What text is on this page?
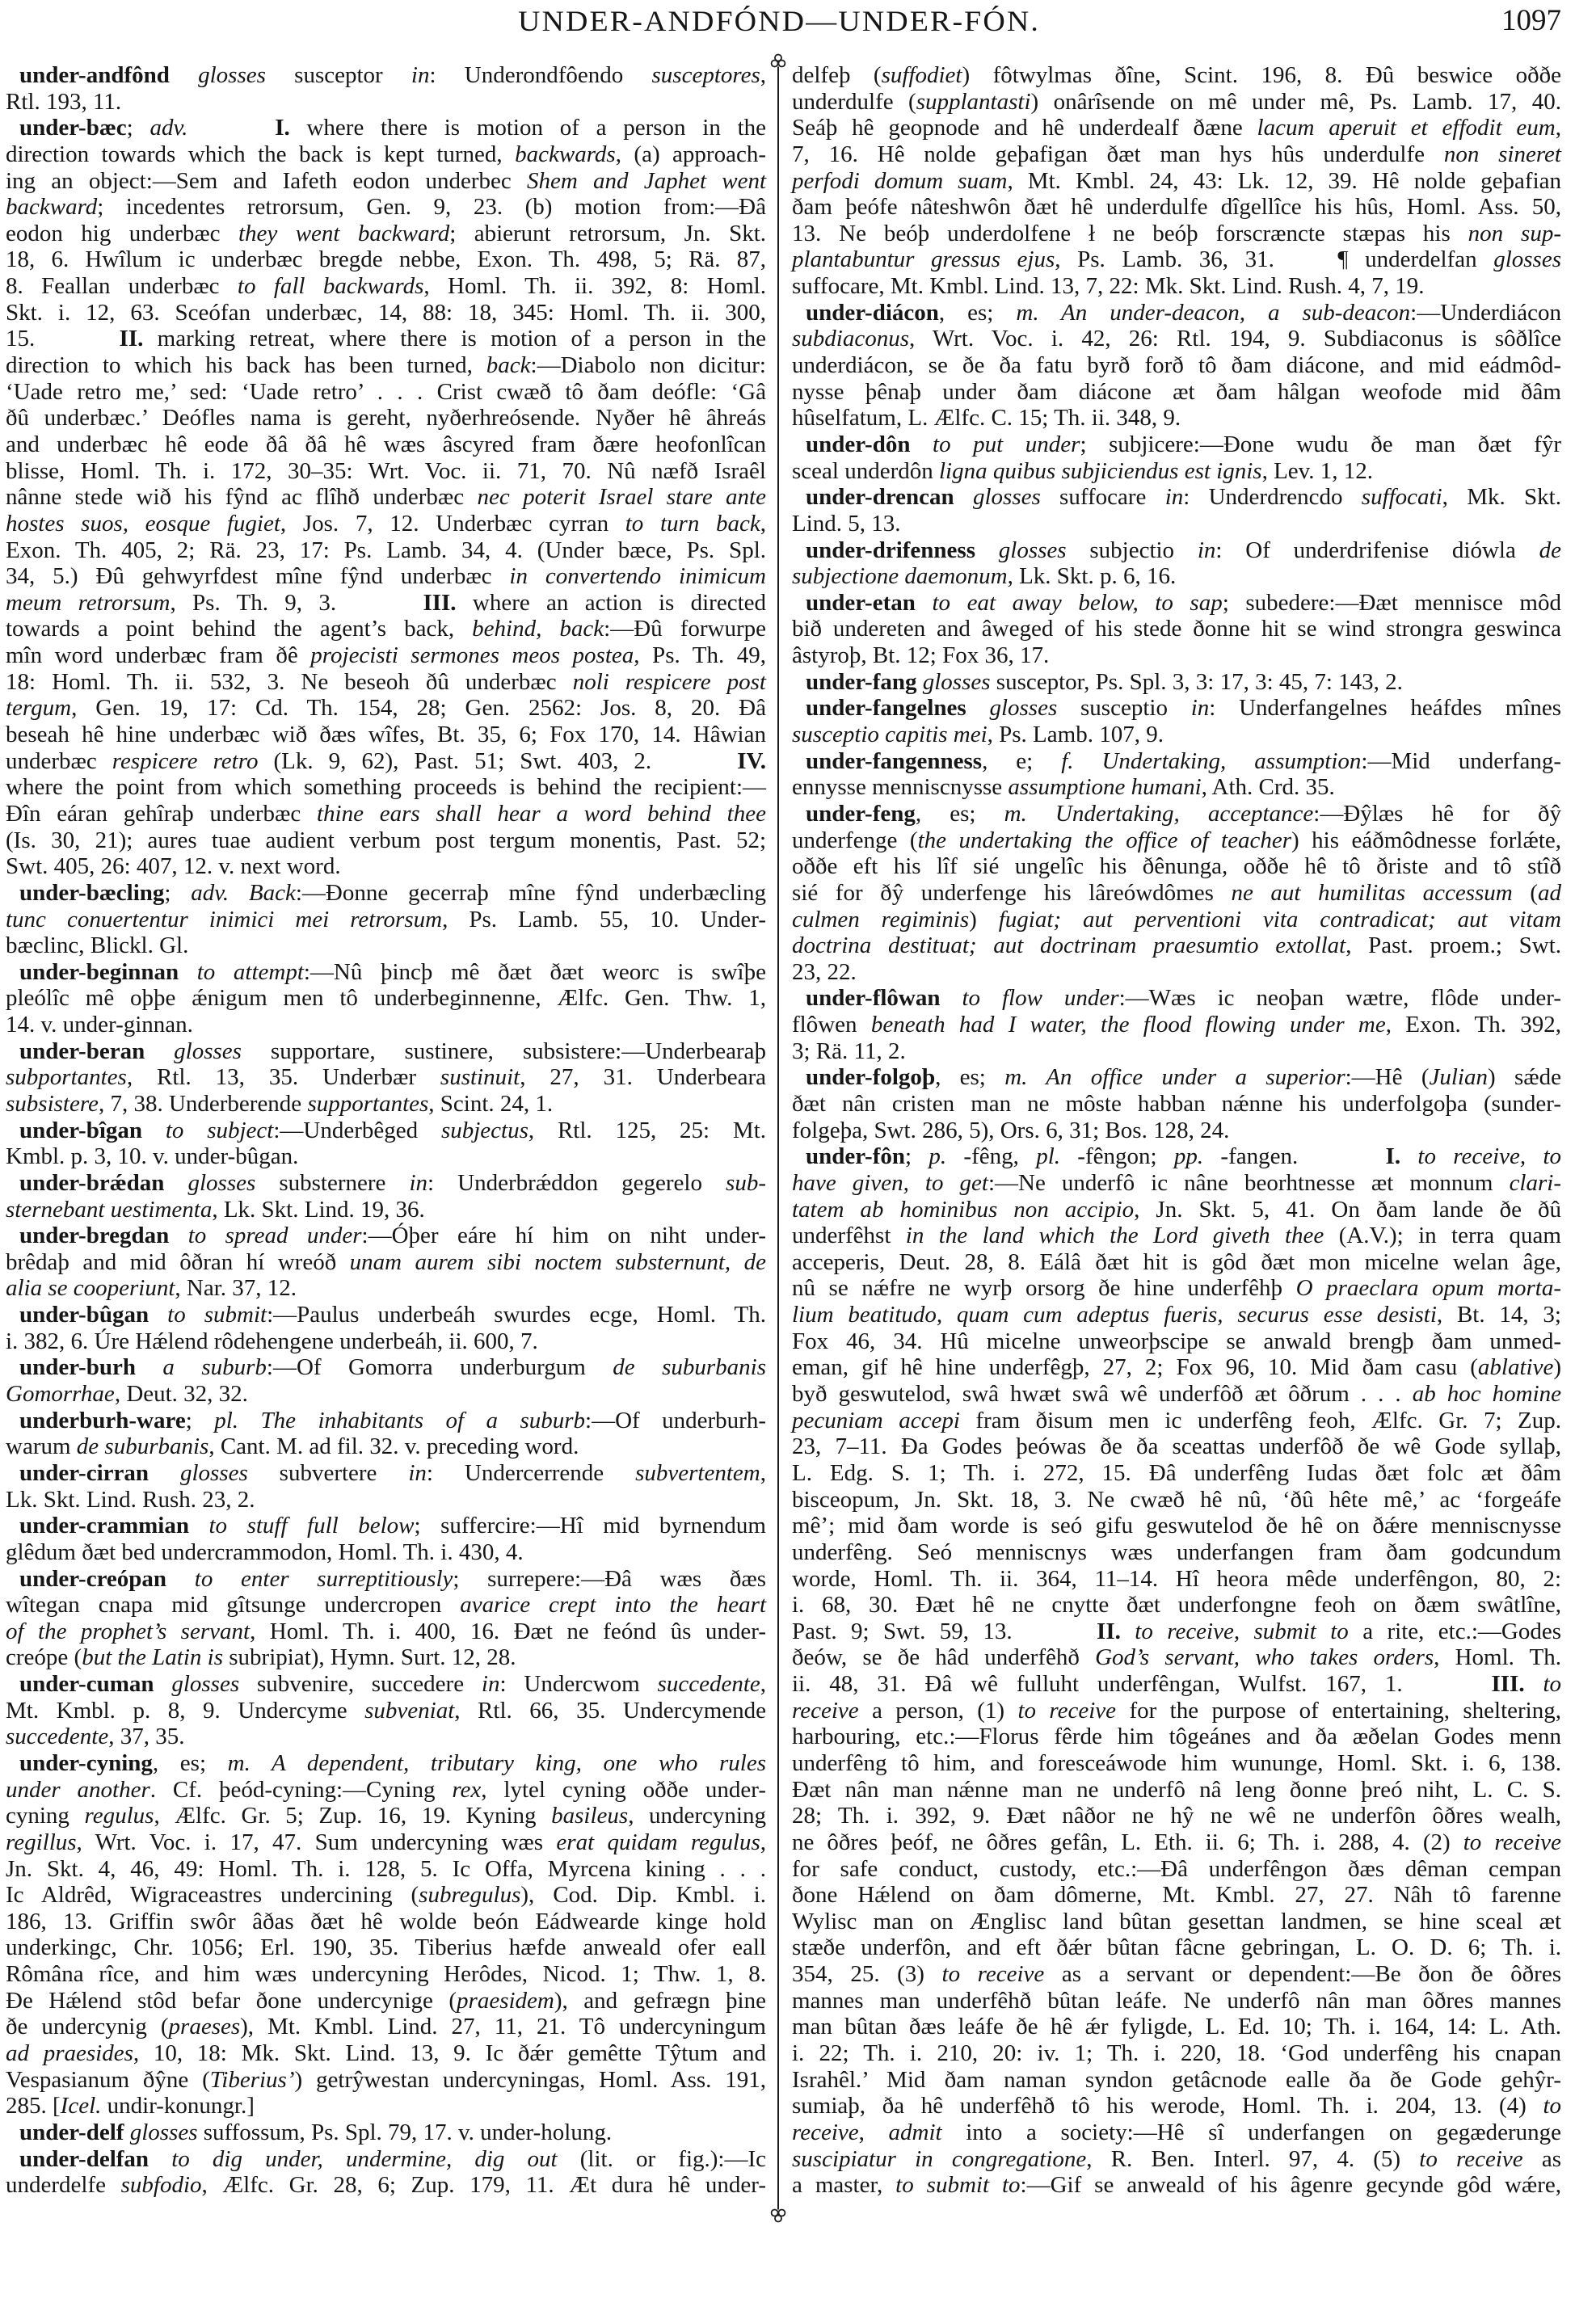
UNDER-ANDFÓND—UNDER-FÓN.	1097
under-andfônd glosses susceptor in: Underondfôendo susceptores,
Rtl. 193, 11.
under-bæc; adv.   	I. where there is motion of a person in the
direction towards which the back is kept turned, backwards, (a) approach-
ing an object:—Sem and Iafeth eodon underbec Shem and Japhet went
backward; incedentes retrorsum, Gen. 9, 23. (b) motion from:—Ðâ
eodon hig underbæc they went backward; abierunt retrorsum, Jn. Skt.
18, 6. Hwîlum ic underbæc bregde nebbe, Exon. Th. 498, 5; Rä. 87,
8. Feallan underbæc to fall backwards, Homl. Th. ii. 392, 8: Homl.
Skt. i. 12, 63. Sceófan underbæc, 14, 88: 18, 345: Homl. Th. ii. 300,
15.    II. marking retreat, where there is motion of a person in the
direction to which his back has been turned, back:—Diabolo non dicitur:
‘Uade retro me,’ sed: ‘Uade retro’ . . . Crist cwæð tô ðam deófle: ‘Gâ
ðû underbæc.’ Deófles nama is gereht, nyðerhreósende. Nyðer hê âhreás
and underbæc hê eode ðâ ðâ hê wæs âscyred fram ðære heofonlîcan
blisse, Homl. Th. i. 172, 30–35: Wrt. Voc. ii. 71, 70. Nû næfð Israêl
nânne stede wið his fŷnd ac flîhð underbæc nec poterit Israel stare ante
hostes suos, eosque fugiet, Jos. 7, 12. Underbæc cyrran to turn back,
Exon. Th. 405, 2; Rä. 23, 17: Ps. Lamb. 34, 4. (Under bæce, Ps. Spl.
34, 5.) Ðû gehwyrfdest mîne fŷnd underbæc in convertendo inimicum
meum retrorsum, Ps. Th. 9, 3.    III. where an action is directed
towards a point behind the agent’s back, behind, back:—Ðû forwurpe
mîn word underbæc fram ðê projecisti sermones meos postea, Ps. Th. 49,
18: Homl. Th. ii. 532, 3. Ne beseoh ðû underbæc noli respicere post
tergum, Gen. 19, 17: Cd. Th. 154, 28; Gen. 2562: Jos. 8, 20. Ðâ
beseah hê hine underbæc wið ðæs wîfes, Bt. 35, 6; Fox 170, 14. Hâwian
underbæc respicere retro (Lk. 9, 62), Past. 51; Swt. 403, 2.    IV.
where the point from which something proceeds is behind the recipient:—
Ðîn eáran gehîraþ underbæc thine ears shall hear a word behind thee
(Is. 30, 21); aures tuae audient verbum post tergum monentis, Past. 52;
Swt. 405, 26: 407, 12. v. next word.
under-bæcling; adv. Back:—Ðonne gecerraþ mîne fŷnd underbæcling
tunc conuertentur inimici mei retrorsum, Ps. Lamb. 55, 10. Under-
bæclinc, Blickl. Gl.
under-beginnan to attempt:—Nû þincþ mê ðæt ðæt weorc is swîþe
pleólîc mê oþþe ǽnigum men tô underbeginnenne, Ælfc. Gen. Thw. 1,
14. v. under-ginnan.
under-beran glosses supportare, sustinere, subsistere:—Underbearaþ
subportantes, Rtl. 13, 35. Underbær sustinuit, 27, 31. Underbeara
subsistere, 7, 38. Underberende supportantes, Scint. 24, 1.
under-bîgan to subject:—Underbêged subjectus, Rtl. 125, 25: Mt.
Kmbl. p. 3, 10. v. under-bûgan.
under-brǽdan glosses substernere in: Underbrǽddon gegerelo sub-
sternebant uestimenta, Lk. Skt. Lind. 19, 36.
under-bregdan to spread under:—Óþer eáre hí him on niht under-
brêdaþ and mid ôðran hí wreóð unam aurem sibi noctem substernunt, de
alia se cooperiunt, Nar. 37, 12.
under-bûgan to submit:—Paulus underbeáh swurdes ecge, Homl. Th.
i. 382, 6. Úre Hǽlend rôdehengene underbeáh, ii. 600, 7.
under-burh a suburb:—Of Gomorra underburgum de suburbanis
Gomorrhae, Deut. 32, 32.
underburh-ware; pl. The inhabitants of a suburb:—Of underburh-
warum de suburbanis, Cant. M. ad fil. 32. v. preceding word.
under-cirran glosses subvertere in: Undercerrende subvertentem,
Lk. Skt. Lind. Rush. 23, 2.
under-crammian to stuff full below; suffercire:—Hî mid byrnendum
glêdum ðæt bed undercrammodon, Homl. Th. i. 430, 4.
under-creópan to enter surreptitiously; surrepere:—Ðâ wæs ðæs
wîtegan cnapa mid gîtsunge undercropen avarice crept into the heart
of the prophet’s servant, Homl. Th. i. 400, 16. Ðæt ne feónd ûs under-
creópe (but the Latin is subripiat), Hymn. Surt. 12, 28.
under-cuman glosses subvenire, succedere in: Undercwom succedente,
Mt. Kmbl. p. 8, 9. Undercyme subveniat, Rtl. 66, 35. Undercymende
succedente, 37, 35.
under-cyning, es; m. A dependent, tributary king, one who rules
under another. Cf. þeód-cyning:—Cyning rex, lytel cyning oððe under-
cyning regulus, Ælfc. Gr. 5; Zup. 16, 19. Kyning basileus, undercyning
regillus, Wrt. Voc. i. 17, 47. Sum undercyning wæs erat quidam regulus,
Jn. Skt. 4, 46, 49: Homl. Th. i. 128, 5. Ic Offa, Myrcena kining . . .
Ic Aldrêd, Wigraceastres undercining (subregulus), Cod. Dip. Kmbl. i.
186, 13. Griffin swôr âðas ðæt hê wolde beón Eádwearde kinge hold
underkingc, Chr. 1056; Erl. 190, 35. Tiberius hæfde anweald ofer eall
Rômâna rîce, and him wæs undercyning Herôdes, Nicod. 1; Thw. 1, 8.
Ðe Hǽlend stôd befar ðone undercynige (praesidem), and gefrægn þine
ðe undercynig (praeses), Mt. Kmbl. Lind. 27, 11, 21. Tô undercyningum
ad praesides, 10, 18: Mk. Skt. Lind. 13, 9. Ic ðǽr gemêtte Tŷtum and
Vespasianum ðŷne (Tiberius’) getrŷwestan undercyningas, Homl. Ass. 191,
285. [Icel. undir-konungr.]
under-delf glosses suffossum, Ps. Spl. 79, 17. v. under-holung.
under-delfan to dig under, undermine, dig out (lit. or fig.):—Ic
underdelfe subfodio, Ælfc. Gr. 28, 6; Zup. 179, 11. Æt dura hê under-
delfeþ (suffodiet) fôtwylmas ðîne, Scint. 196, 8. Ðû beswice oððe
underdulfe (supplantasti) onârîsende on mê under mê, Ps. Lamb. 17, 40.
Seáþ hê geopnode and hê underdealf ðæne lacum aperuit et effodit eum,
7, 16. Hê nolde geþafigan ðæt man hys hûs underdulfe non sineret
perfodi domum suam, Mt. Kmbl. 24, 43: Lk. 12, 39. Hê nolde geþafian
ðam þeófe nâteshwôn ðæt hê underdulfe dîgellîce his hûs, Homl. Ass. 50,
13. Ne beóþ underdolfene ł ne beóþ forscræncte stæpas his non sup-
plantabuntur gressus ejus, Ps. Lamb. 36, 31.   ¶ underdelfan glosses
suffocare, Mt. Kmbl. Lind. 13, 7, 22: Mk. Skt. Lind. Rush. 4, 7, 19.
under-diácon, es; m. An under-deacon, a sub-deacon:—Underdiácon
subdiaconus, Wrt. Voc. i. 42, 26: Rtl. 194, 9. Subdiaconus is sôðlîce
underdiácon, se ðe ða fatu byrð forð tô ðam diácone, and mid eádmôd-
nysse þênaþ under ðam diácone æt ðam hâlgan weofode mid ðâm
hûselfatum, L. Ælfc. C. 15; Th. ii. 348, 9.
under-dôn to put under; subjicere:—Ðone wudu ðe man ðæt fŷr
sceal underdôn ligna quibus subjiciendus est ignis, Lev. 1, 12.
under-drencan glosses suffocare in: Underdrencdo suffocati, Mk. Skt.
Lind. 5, 13.
under-drifenness glosses subjectio in: Of underdrifenise diówla de
subjectione daemonum, Lk. Skt. p. 6, 16.
under-etan to eat away below, to sap; subedere:—Ðæt mennisce môd
bið undereten and âweged of his stede ðonne hit se wind strongra geswinca
âstyroþ, Bt. 12; Fox 36, 17.
under-fang glosses susceptor, Ps. Spl. 3, 3: 17, 3: 45, 7: 143, 2.
under-fangelnes glosses susceptio in: Underfangelnes heáfdes mînes
susceptio capitis mei, Ps. Lamb. 107, 9.
under-fangenness, e; f. Undertaking, assumption:—Mid underfang-
ennysse menniscnysse assumptione humani, Ath. Crd. 35.
under-feng, es; m. Undertaking, acceptance:—Ðŷlæs hê for ðŷ
underfenge (the undertaking the office of teacher) his eáðmôdnesse forlǽte,
oððe eft his lîf sié ungelîc his ðênunga, oððe hê tô ðriste and tô stîð
sié for ðŷ underfenge his lâreówdômes ne aut humilitas accessum (ad
culmen regiminis) fugiat; aut perventioni vita contradicat; aut vitam
doctrina destituat; aut doctrinam praesumtio extollat, Past. proem.; Swt.
23, 22.
under-flôwan to flow under:—Wæs ic neoþan wætre, flôde under-
flôwen beneath had I water, the flood flowing under me, Exon. Th. 392,
3; Rä. 11, 2.
under-folgoþ, es; m. An office under a superior:—Hê (Julian) sǽde
ðæt nân cristen man ne môste habban nǽnne his underfolgoþa (sunder-
folgeþa, Swt. 286, 5), Ors. 6, 31; Bos. 128, 24.
under-fôn; p. -fêng, pl. -fêngon; pp. -fangen.    I. to receive, to
have given, to get:—Ne underfô ic nâne beorhtnesse æt monnum clari-
tatem ab hominibus non accipio, Jn. Skt. 5, 41. On ðam lande ðe ðû
underfêhst in the land which the Lord giveth thee (A.V.); in terra quam
acceperis, Deut. 28, 8. Eálâ ðæt hit is gôd ðæt mon micelne welan âge,
nû se nǽfre ne wyrþ orsorg ðe hine underfêhþ O praeclara opum morta-
lium beatitudo, quam cum adeptus fueris, securus esse desisti, Bt. 14, 3;
Fox 46, 34. Hû micelne unweorþscipe se anwald brengþ ðam unmed-
eman, gif hê hine underfêgþ, 27, 2; Fox 96, 10. Mid ðam casu (ablative)
byð geswutelod, swâ hwæt swâ wê underfôð æt ôðrum . . . ab hoc homine
pecuniam accepi fram ðisum men ic underfêng feoh, Ælfc. Gr. 7; Zup.
23, 7–11. Ða Godes þeówas ðe ða sceattas underfôð ðe wê Gode syllaþ,
L. Edg. S. 1; Th. i. 272, 15. Ðâ underfêng Iudas ðæt folc æt ðâm
bisceopum, Jn. Skt. 18, 3. Ne cwæð hê nû, ‘ðû hête mê,’ ac ‘forgeáfe
mê’; mid ðam worde is seó gifu geswutelod ðe hê on ðǽre menniscnysse
underfêng. Seó menniscnys wæs underfangen fram ðam godcundum
worde, Homl. Th. ii. 364, 11–14. Hî heora mêde underfêngon, 80, 2:
i. 68, 30. Ðæt hê ne cnytte ðæt underfongne feoh on ðæm swâtlîne,
Past. 9; Swt. 59, 13.    II. to receive, submit to a rite, etc.:—Godes
ðeów, se ðe hâd underfêhð God’s servant, who takes orders, Homl. Th.
ii. 48, 31. Ðâ wê fulluht underfêngan, Wulfst. 167, 1.    III. to
receive a person, (1) to receive for the purpose of entertaining, sheltering,
harbouring, etc.:—Florus fêrde him tôgeánes and ða æðelan Godes menn
underfêng tô him, and foresceáwode him wununge, Homl. Skt. i. 6, 138.
Ðæt nân man nǽnne man ne underfô nâ leng ðonne þreó niht, L. C. S.
28; Th. i. 392, 9. Ðæt nâðor ne hŷ ne wê ne underfôn ôðres wealh,
ne ôðres þeóf, ne ôðres gefân, L. Eth. ii. 6; Th. i. 288, 4. (2) to receive
for safe conduct, custody, etc.:—Ðâ underfêngon ðæs dêman cempan
ðone Hǽlend on ðam dômerne, Mt. Kmbl. 27, 27. Nâh tô farenne
Wylisc man on Ænglisc land bûtan gesettan landmen, se hine sceal æt
stæðe underfôn, and eft ðǽr bûtan fâcne gebringan, L. O. D. 6; Th. i.
354, 25. (3) to receive as a servant or dependent:—Be ðon ðe ôðres
mannes man underfêhð bûtan leáfe. Ne underfô nân man ôðres mannes
man bûtan ðæs leáfe ðe hê ǽr fyligde, L. Ed. 10; Th. i. 164, 14: L. Ath.
i. 22; Th. i. 210, 20: iv. 1; Th. i. 220, 18. ‘God underfêng his cnapan
Israhêl.’ Mid ðam naman syndon getâcnode ealle ða ðe Gode gehŷr-
sumiaþ, ða hê underfêhð tô his werode, Homl. Th. i. 204, 13. (4) to
receive, admit into a society:—Hê sî underfangen on gegæderunge
suscipiatur in congregatione, R. Ben. Interl. 97, 4. (5) to receive as
a master, to submit to:—Gif se anweald of his âgenre gecynde gôd wǽre,
